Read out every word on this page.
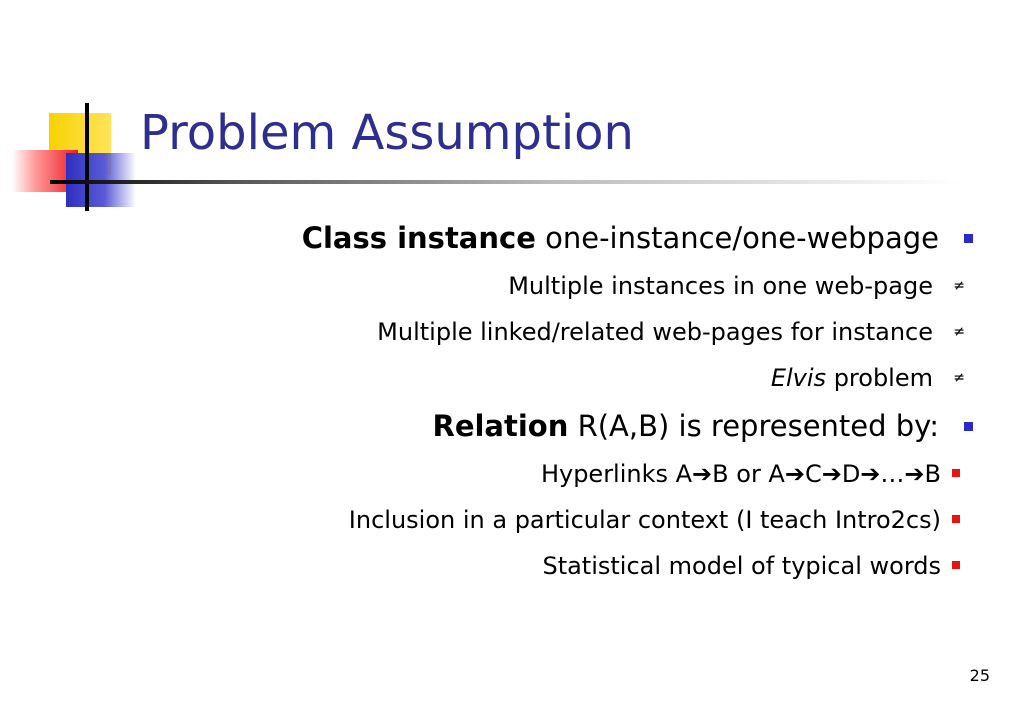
Problem Assumption
Class instance one-instance/one-webpage
Multiple instances in one web-page ≠
Multiple linked/related web-pages for instance ≠
Elvis problem ≠
Relation R(A,B) is represented by:
Hyperlinks A➔B or A➔C➔D➔…➔B
Inclusion in a particular context (I teach Intro2cs)
Statistical model of typical words
25
